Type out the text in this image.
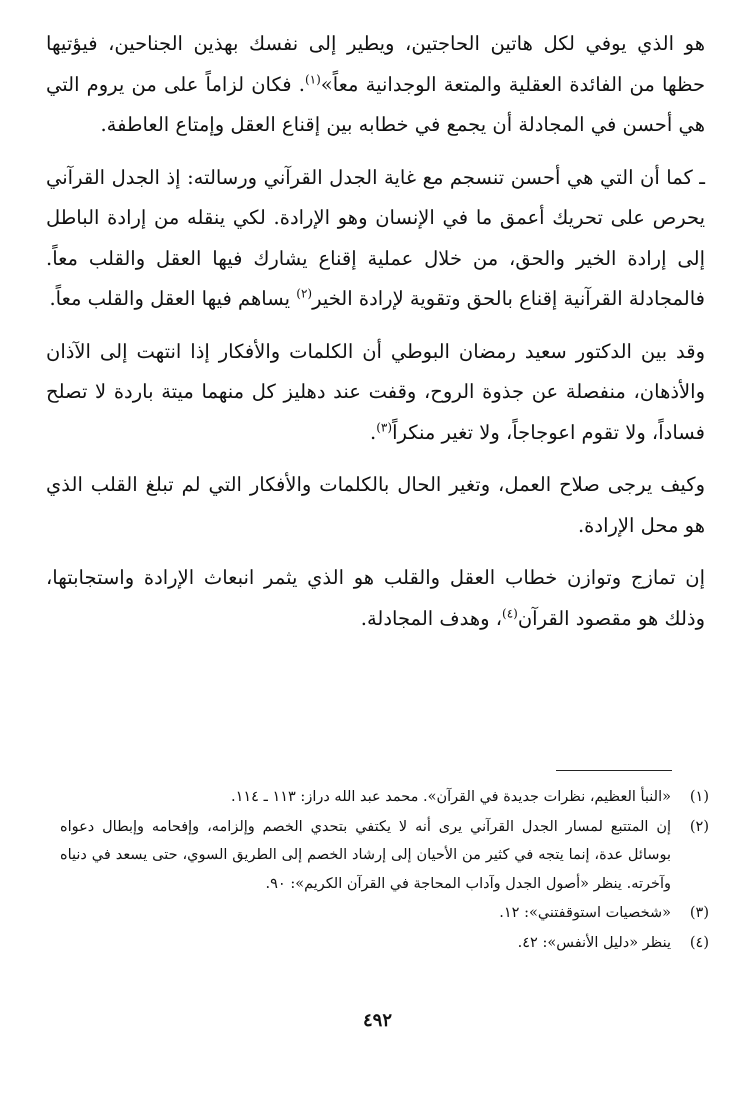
هو الذي يوفي لكل هاتين الحاجتين، ويطير إلى نفسك بهذين الجناحين، فيؤتيها حظها من الفائدة العقلية والمتعة الوجدانية معاً»$^{(١)}$. فكان لزاماً على من يروم التي هي أحسن في المجادلة أن يجمع في خطابه بين إقناع العقل وإمتاع العاطفة.

ـ كما أن التي هي أحسن تنسجم مع غاية الجدل القرآني ورسالته: إذ الجدل القرآني يحرص على تحريك أعمق ما في الإنسان وهو الإرادة. لكي ينقله من إرادة الباطل إلى إرادة الخير والحق، من خلال عملية إقناع يشارك فيها العقل والقلب معاً. فالمجادلة القرآنية إقناع بالحق وتقوية لإرادة الخير$^{(٢)}$ يساهم فيها العقل والقلب معاً.

وقد بين الدكتور سعيد رمضان البوطي أن الكلمات والأفكار إذا انتهت إلى الآذان والأذهان، منفصلة عن جذوة الروح، وقفت عند دهليز كل منهما ميتة باردة لا تصلح فساداً، ولا تقوم اعوجاجاً، ولا تغير منكراً$^{(٣)}$.

وكيف يرجى صلاح العمل، وتغير الحال بالكلمات والأفكار التي لم تبلغ القلب الذي هو محل الإرادة.

إن تمازج وتوازن خطاب العقل والقلب هو الذي يثمر انبعاث الإرادة واستجابتها، وذلك هو مقصود القرآن$^{(٤)}$، وهدف المجادلة.

(١)
«النبأ العظيم، نظرات جديدة في القرآن». محمد عبد الله دراز: ١١٣ ـ ١١٤.
(٢)
إن المتتبع لمسار الجدل القرآني يرى أنه لا يكتفي بتحدي الخصم وإلزامه، وإفحامه وإبطال دعواه بوسائل عدة، إنما يتجه في كثير من الأحيان إلى إرشاد الخصم إلى الطريق السوي، حتى يسعد في دنياه وآخرته. ينظر «أصول الجدل وآداب المحاجة في القرآن الكريم»: ٩٠.
(٣)
«شخصيات استوقفتني»: ١٢.
(٤)
ينظر «دليل الأنفس»: ٤٢.
٤٩٢
